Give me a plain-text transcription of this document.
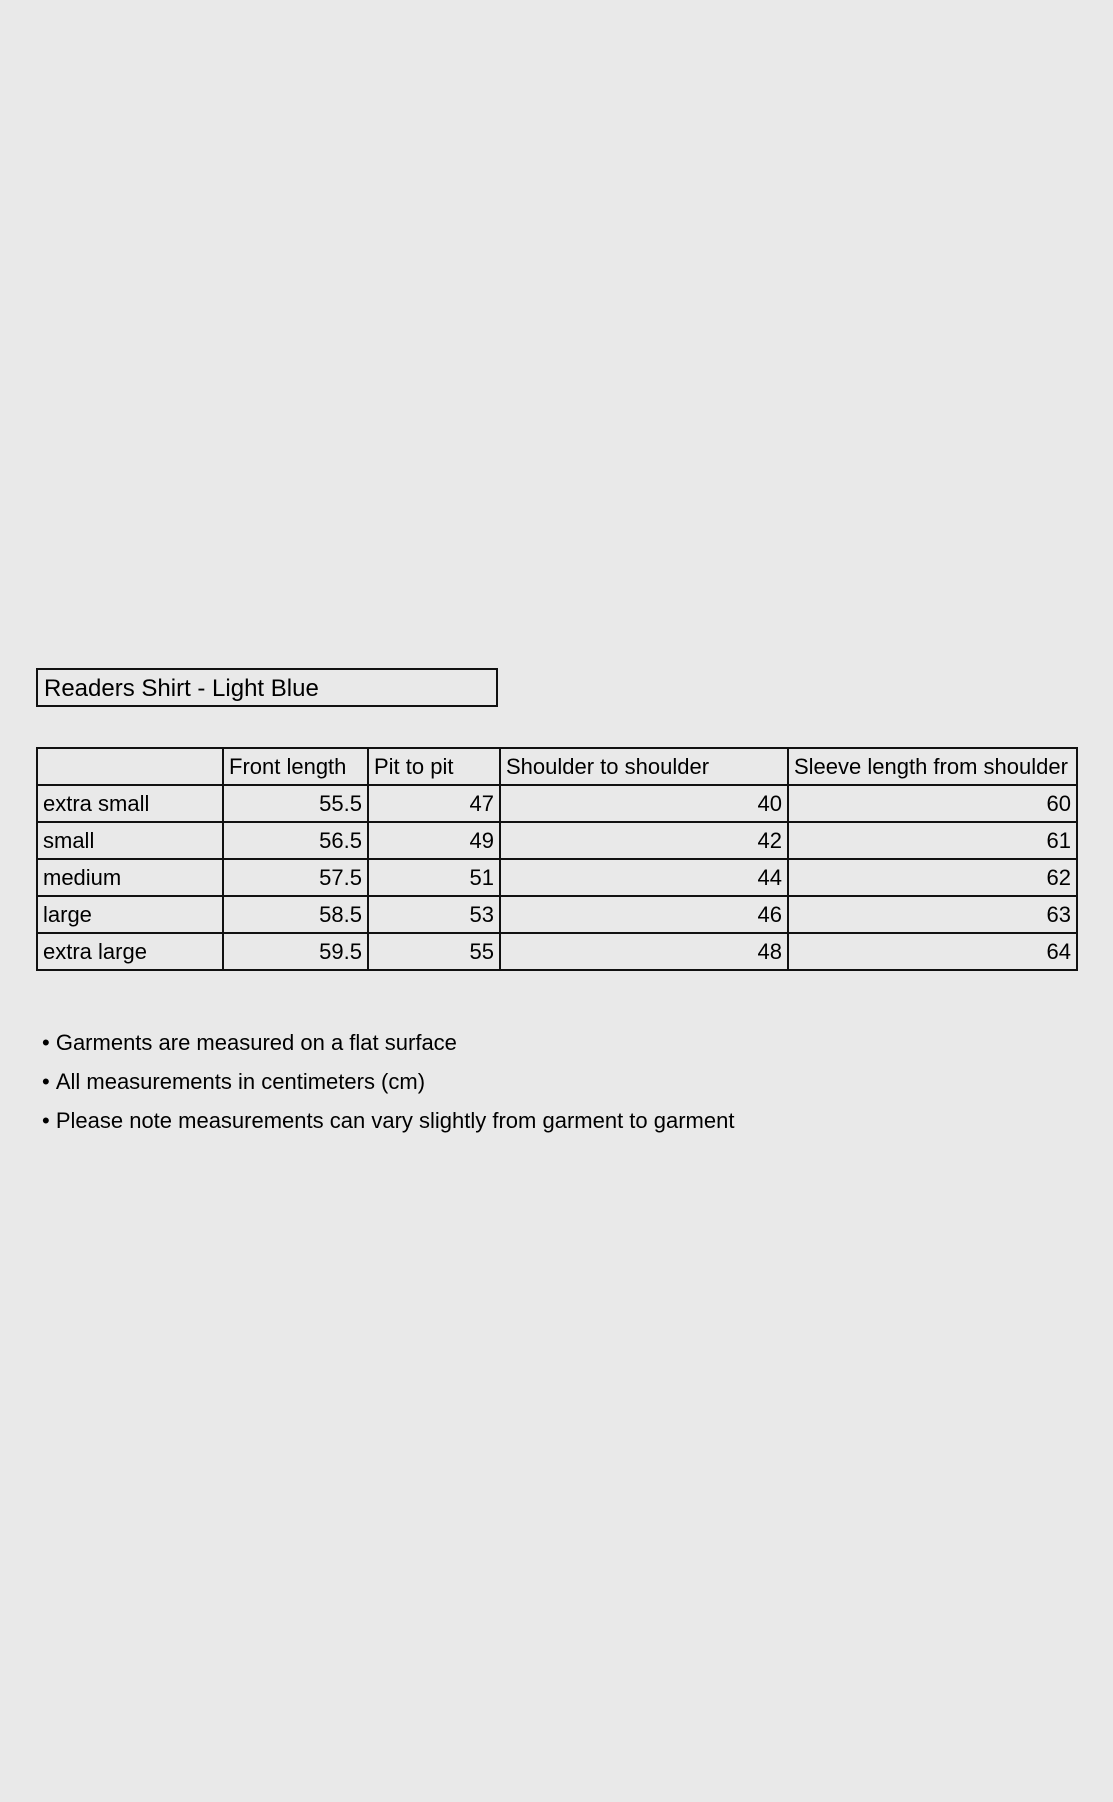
Readers Shirt - Light Blue
	Front length	Pit to pit	Shoulder to shoulder	Sleeve length from shoulder
extra small	55.5	47	40	60
small	56.5	49	42	61
medium	57.5	51	44	62
large	58.5	53	46	63
extra large	59.5	55	48	64
• Garments are measured on a flat surface
• All measurements in centimeters (cm)
• Please note measurements can vary slightly from garment to garment
